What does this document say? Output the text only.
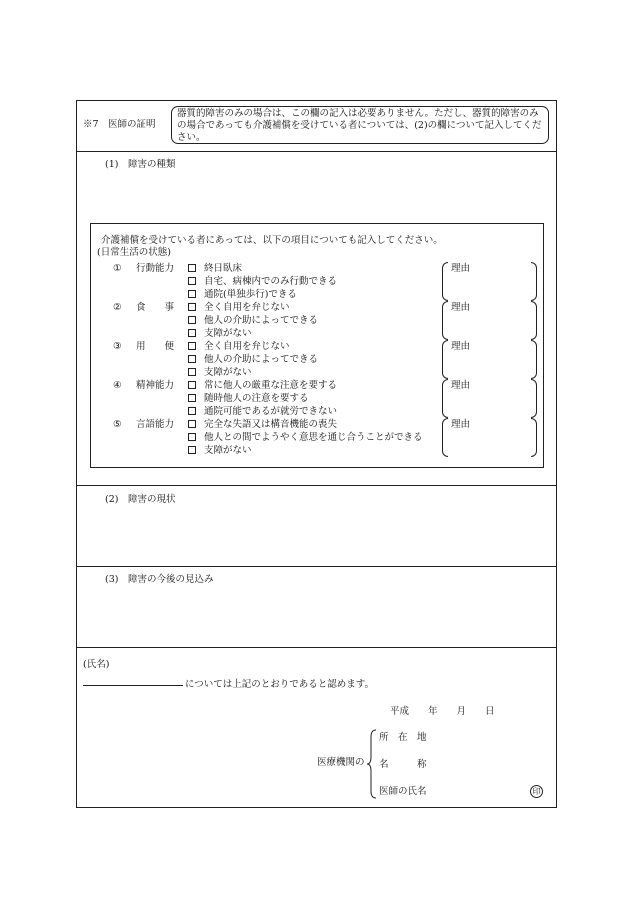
※7　医師の証明
器質的障害のみの場合は、この欄の記入は必要ありません。ただし、器質的障害のみの場合であっても介護補償を受けている者については、(2)の欄について記入してください。
(1)　障害の種類
介護補償を受けている者にあっては、以下の項目についても記入してください。
(日常生活の状態)
① 行動能力	終日臥床
自宅、病棟内でのみ行動できる
通院(単独歩行)できる
理由
② 食　　事	全く自用を弁じない
他人の介助によってできる
支障がない
理由
③ 用　　便	全く自用を弁じない
他人の介助によってできる
支障がない
理由
④ 精神能力	常に他人の厳重な注意を要する
随時他人の注意を要する
通院可能であるが就労できない
理由
⑤ 言語能力	完全な失語又は構音機能の喪失
他人との間でようやく意思を通じ合うことができる
支障がない
理由
(2)　障害の現状
(3)　障害の今後の見込み
(氏名)
については上記のとおりであると認めます。
平成　　年　　月　　日
医療機関の
所　在　地
名　　　称
医師の氏名	印
